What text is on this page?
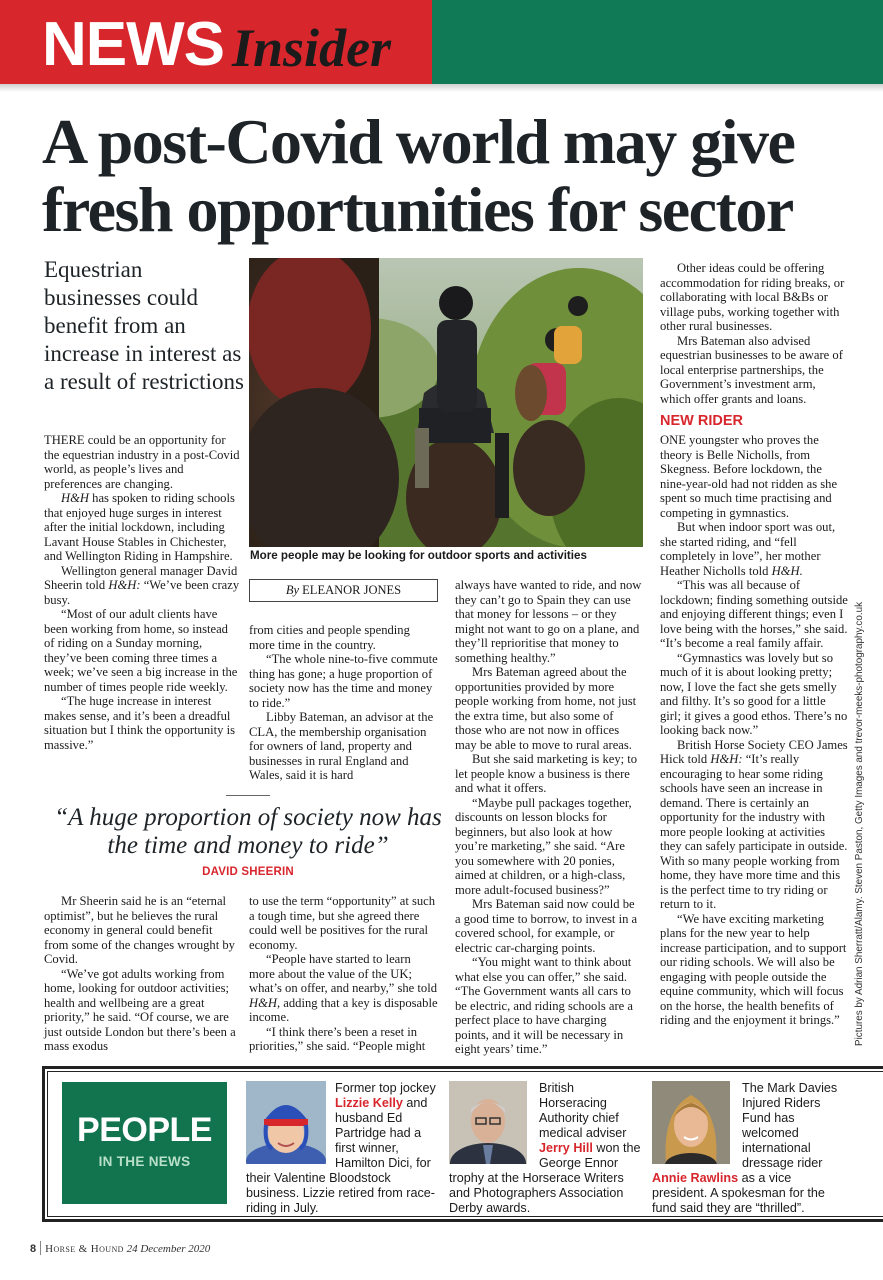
NEWS Insider
A post-Covid world may give fresh opportunities for sector
Equestrian businesses could benefit from an increase in interest as a result of restrictions

THERE could be an opportunity for the equestrian industry in a post-Covid world, as people’s lives and preferences are changing.

H&H has spoken to riding schools that enjoyed huge surges in interest after the initial lockdown, including Lavant House Stables in Chichester, and Wellington Riding in Hampshire.

Wellington general manager David Sheerin told H&H: “We’ve been crazy busy.

“Most of our adult clients have been working from home, so instead of riding on a Sunday morning, they’ve been coming three times a week; we’ve seen a big increase in the number of times people ride weekly.

“The huge increase in interest makes sense, and it’s been a dreadful situation but I think the opportunity is massive.”

More people may be looking for outdoor sports and activities
By ELEANOR JONES

from cities and people spending more time in the country.

“The whole nine-to-five commute thing has gone; a huge proportion of society now has the time and money to ride.”

Libby Bateman, an advisor at the CLA, the membership organisation for owners of land, property and businesses in rural England and Wales, said it is hard

always have wanted to ride, and now they can’t go to Spain they can use that money for lessons – or they might not want to go on a plane, and they’ll reprioritise that money to something healthy.”

Mrs Bateman agreed about the opportunities provided by more people working from home, not just the extra time, but also some of those who are not now in offices may be able to move to rural areas.

But she said marketing is key; to let people know a business is there and what it offers.

“Maybe pull packages together, discounts on lesson blocks for beginners, but also look at how you’re marketing,” she said. “Are you somewhere with 20 ponies, aimed at children, or a high-class, more adult-focused business?”

Mrs Bateman said now could be a good time to borrow, to invest in a covered school, for example, or electric car-charging points.

“You might want to think about what else you can offer,” she said. “The Government wants all cars to be electric, and riding schools are a perfect place to have charging points, and it will be necessary in eight years’ time.”

Other ideas could be offering accommodation for riding breaks, or collaborating with local B&Bs or village pubs, working together with other rural businesses.

Mrs Bateman also advised equestrian businesses to be aware of local enterprise partnerships, the Government’s investment arm, which offer grants and loans.

NEW RIDER

ONE youngster who proves the theory is Belle Nicholls, from Skegness. Before lockdown, the nine-year-old had not ridden as she spent so much time practising and competing in gymnastics.

But when indoor sport was out, she started riding, and “fell completely in love”, her mother Heather Nicholls told H&H.

“This was all because of lockdown; finding something outside and enjoying different things; even I love being with the horses,” she said. “It’s become a real family affair.

“Gymnastics was lovely but so much of it is about looking pretty; now, I love the fact she gets smelly and filthy. It’s so good for a little girl; it gives a good ethos. There’s no looking back now.”

British Horse Society CEO James Hick told H&H: “It’s really encouraging to hear some riding schools have seen an increase in demand. There is certainly an opportunity for the industry with more people looking at activities they can safely participate in outside. With so many people working from home, they have more time and this is the perfect time to try riding or return to it.

“We have exciting marketing plans for the new year to help increase participation, and to support our riding schools. We will also be engaging with people outside the equine community, which will focus on the horse, the health benefits of riding and the enjoyment it brings.”

“A huge proportion of society now has the time and money to ride”
DAVID SHEERIN

Mr Sheerin said he is an “eternal optimist”, but he believes the rural economy in general could benefit from some of the changes wrought by Covid.

“We’ve got adults working from home, looking for outdoor activities; health and wellbeing are a great priority,” he said. “Of course, we are just outside London but there’s been a mass exodus

to use the term “opportunity” at such a tough time, but she agreed there could well be positives for the rural economy.

“People have started to learn more about the value of the UK; what’s on offer, and nearby,” she told H&H, adding that a key is disposable income.

“I think there’s been a reset in priorities,” she said. “People might	Pictures by Adrian Sherratt/Alamy. Steven Paston, Getty Images and trevor-meeks-photography.co.uk
PEOPLE
IN THE NEWS
Former top jockey Lizzie Kelly and husband Ed Partridge had a first winner, Hamilton Dici, for their Valentine Bloodstock business. Lizzie retired from race-riding in July.
British Horseracing Authority chief medical adviser Jerry Hill won the George Ennor trophy at the Horserace Writers and Photographers Association Derby awards.
The Mark Davies Injured Riders Fund has welcomed international dressage rider Annie Rawlins as a vice president. A spokesman for the fund said they are “thrilled”.
8 Horse & Hound 24 December 2020
